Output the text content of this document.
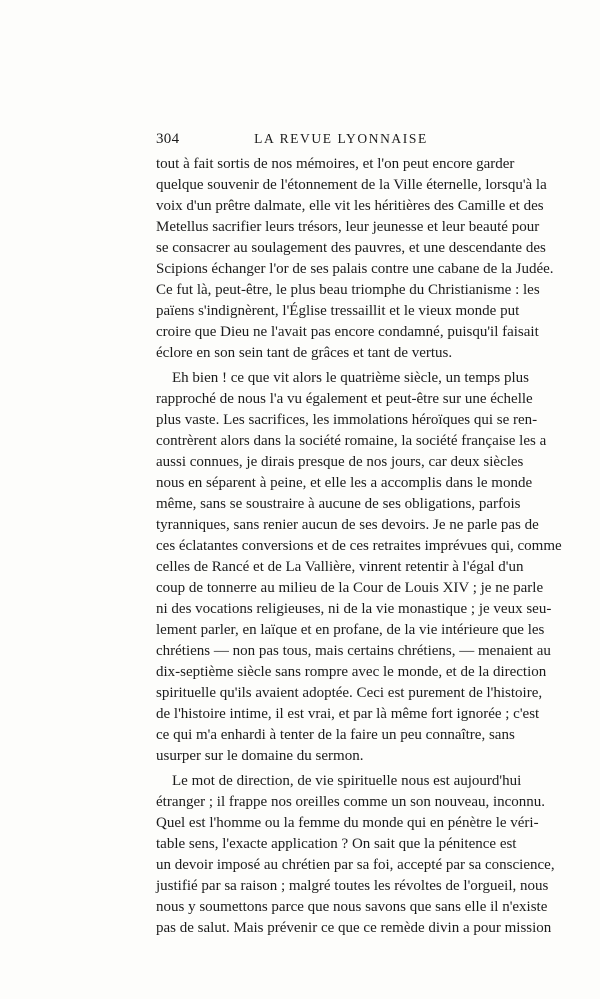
304	LA REVUE LYONNAISE
tout à fait sortis de nos mémoires, et l'on peut encore garder
quelque souvenir de l'étonnement de la Ville éternelle, lorsqu'à la
voix d'un prêtre dalmate, elle vit les héritières des Camille et des
Metellus sacrifier leurs trésors, leur jeunesse et leur beauté pour
se consacrer au soulagement des pauvres, et une descendante des
Scipions échanger l'or de ses palais contre une cabane de la Judée.
Ce fut là, peut-être, le plus beau triomphe du Christianisme : les
païens s'indignèrent, l'Église tressaillit et le vieux monde put
croire que Dieu ne l'avait pas encore condamné, puisqu'il faisait
éclore en son sein tant de grâces et tant de vertus.
Eh bien ! ce que vit alors le quatrième siècle, un temps plus
rapproché de nous l'a vu également et peut-être sur une échelle
plus vaste. Les sacrifices, les immolations héroïques qui se ren-
contrèrent alors dans la société romaine, la société française les a
aussi connues, je dirais presque de nos jours, car deux siècles
nous en séparent à peine, et elle les a accomplis dans le monde
même, sans se soustraire à aucune de ses obligations, parfois
tyranniques, sans renier aucun de ses devoirs. Je ne parle pas de
ces éclatantes conversions et de ces retraites imprévues qui, comme
celles de Rancé et de La Vallière, vinrent retentir à l'égal d'un
coup de tonnerre au milieu de la Cour de Louis XIV ; je ne parle
ni des vocations religieuses, ni de la vie monastique ; je veux seu-
lement parler, en laïque et en profane, de la vie intérieure que les
chrétiens — non pas tous, mais certains chrétiens, — menaient au
dix-septième siècle sans rompre avec le monde, et de la direction
spirituelle qu'ils avaient adoptée. Ceci est purement de l'histoire,
de l'histoire intime, il est vrai, et par là même fort ignorée ; c'est
ce qui m'a enhardi à tenter de la faire un peu connaître, sans
usurper sur le domaine du sermon.
Le mot de direction, de vie spirituelle nous est aujourd'hui
étranger ; il frappe nos oreilles comme un son nouveau, inconnu.
Quel est l'homme ou la femme du monde qui en pénètre le véri-
table sens, l'exacte application ? On sait que la pénitence est
un devoir imposé au chrétien par sa foi, accepté par sa conscience,
justifié par sa raison ; malgré toutes les révoltes de l'orgueil, nous
nous y soumettons parce que nous savons que sans elle il n'existe
pas de salut. Mais prévenir ce que ce remède divin a pour mission
